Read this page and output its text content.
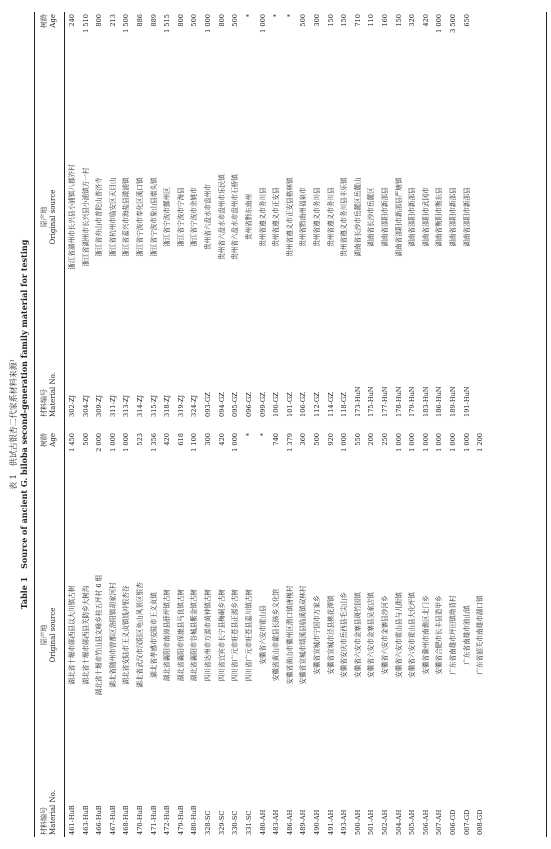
表 1　供试古银杏二代家系材料来源¹ Table 1　Source of ancient G. biloba second-generation family material for testing
材料编号 Material No.
原产地 Original source
树龄 Age
461-HuB
湖北省十堰市郧西县以大川镇古树
1 450
463-HuB
湖北省十堰市郧西县关防乡大树沟
500
466-HuB
湖北省十堰市竹山县文峰乡桂五坪村 6 组
2 000
467-HuB
湖北省随州市曾都区洛阳镇胡家河村
1 000
468-HuB
湖北省安陆市王义贞镇钱冲银杏谷
1 000
470-HuB
湖北省武汉市汉阳区龟山风景区银杏
523
471-HuB
湖北省孝感市安陆市王义贞镇
1 356
472-HuB
湖北省襄阳市南漳县薛坪镇古树
420
479-HuB
湖北省襄阳市保康县马良镇古树
618
480-HuB
湖北省襄阳市谷城县紫金镇古树
1 100
328-SC
四川省达州市万源市黄钟镇古树
300
329-SC
四川省宜宾市长宁县梅硐乡古树
420
330-SC
四川省广元市旺苍县正源乡古树
1 000
331-SC
四川省广元市旺苍县嘉川镇古树
*
480-AH
安徽省六安市霍山县
*
483-AH
安徽省黄山市歙县长陔乡文化馆
740
486-AH
安徽省黄山市徽州区潜口镇唐模村
1 379
489-AH
安徽省宣城市绩溪县临溪镇双林村
360
490-AH
安徽省宣城市宁国市万家乡
500
491-AH
安徽省宣城市泾县桃花潭镇
920
493-AH
安徽省安庆市岳西县毛尖山乡
1 000
500-AH
安徽省六安市金寨县斑竹园镇
550
501-AH
安徽省六安市金寨县吴家店镇
200
502-AH
安徽省六安市金寨县沙河乡
250
504-AH
安徽省六安市霍山县与儿街镇
1 000
505-AH
安徽省六安市霍山县大化坪镇
1 000
506-AH
安徽省滁州市南谯区北门乡
1 000
507-AH
安徽省合肥市长丰县造甲乡
1 000
006-GD
广东省南雄市坪田镇坳背村
1 000
007-GD
广东省南雄市油山镇
1 000
008-GD
广东省韶关市南雄市湖口镇
1 200
材料编号 Material No.
原产地 Original source
树龄 Age
302-ZJ
浙江省湖州市长兴县小浦镇八都岕村
240
304-ZJ
浙江省湖州市长兴县小浦镇方一村
1 510
309-ZJ
浙江省舟山市普陀山普济寺
800
311-ZJ
浙江省杭州市临安区天目山
213
313-ZJ
浙江省嘉兴市海盐县澉浦镇
1 500
314-ZJ
浙江省宁波市奉化区溪口镇
886
315-ZJ
浙江省宁波市象山县墙头镇
889
318-ZJ
浙江省宁波市鄞州区
1 515
319-ZJ
浙江省宁波市宁海县
800
324-ZJ
浙江省宁波市余姚市
500
093-GZ
贵州省六盘水市盘州市
1 000
094-GZ
贵州省六盘水市盘州市乐民镇
800
095-GZ
贵州省六盘水市盘州市石桥镇
500
096-GZ
贵州省黔东南州
*
099-GZ
贵州省遵义市务川县
1 000
100-GZ
贵州省遵义市正安县
*
101-GZ
贵州省遵义市正安县格林镇
*
106-GZ
贵州省黔南州福泉市
500
112-GZ
贵州省遵义市务川县
300
114-GZ
贵州省遵义市务川县
150
118-GZ
贵州省遵义市务川县丰乐镇
150
173-HuN
湖南省长沙市岳麓区岳麓山
710
175-HuN
湖南省长沙市岳麓区
110
177-HuN
湖南省邵阳市新邵县
160
178-HuN
湖南省邵阳市新邵县严塘镇
150
179-HuN
湖南省邵阳市新邵县
320
183-HuN
湖南省邵阳市武冈市
420
186-HuN
湖南省衡阳市衡东县
1 000
189-HuN
湖南省邵阳市新邵县
3 500
191-HuN
湖南省邵阳市新邵县
650
